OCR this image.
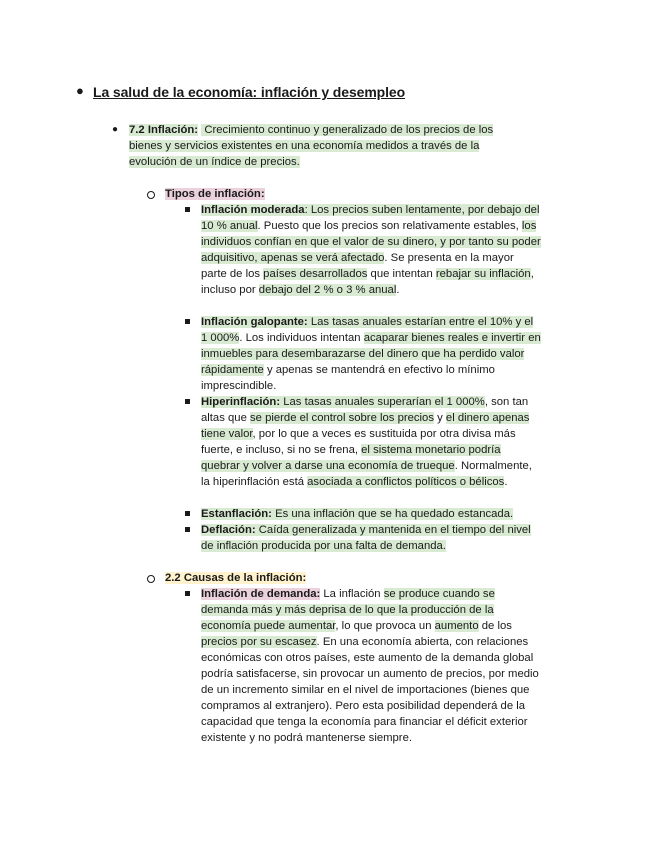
● La salud de la economía: inflación y desempleo
● 7.2 Inflación: Crecimiento continuo y generalizado de los precios de los bienes y servicios existentes en una economía medidos a través de la evolución de un índice de precios.
Tipos de inflación:
Inflación moderada: Los precios suben lentamente, por debajo del 10 % anual. Puesto que los precios son relativamente estables, los individuos confían en que el valor de su dinero, y por tanto su poder adquisitivo, apenas se verá afectado. Se presenta en la mayor parte de los países desarrollados que intentan rebajar su inflación, incluso por debajo del 2 % o 3 % anual.
Inflación galopante: Las tasas anuales estarían entre el 10% y el 1 000%. Los individuos intentan acaparar bienes reales e invertir en inmuebles para desembarazarse del dinero que ha perdido valor rápidamente y apenas se mantendrá en efectivo lo mínimo imprescindible.
Hiperinflación: Las tasas anuales superarían el 1 000%, son tan altas que se pierde el control sobre los precios y el dinero apenas tiene valor, por lo que a veces es sustituida por otra divisa más fuerte, e incluso, si no se frena, el sistema monetario podría quebrar y volver a darse una economía de trueque. Normalmente, la hiperinflación está asociada a conflictos políticos o bélicos.
Estanflación: Es una inflación que se ha quedado estancada.
Deflación: Caída generalizada y mantenida en el tiempo del nivel de inflación producida por una falta de demanda.
2.2 Causas de la inflación:
Inflación de demanda: La inflación se produce cuando se demanda más y más deprisa de lo que la producción de la economía puede aumentar, lo que provoca un aumento de los precios por su escasez. En una economía abierta, con relaciones económicas con otros países, este aumento de la demanda global podría satisfacerse, sin provocar un aumento de precios, por medio de un incremento similar en el nivel de importaciones (bienes que compramos al extranjero). Pero esta posibilidad dependerá de la capacidad que tenga la economía para financiar el déficit exterior existente y no podrá mantenerse siempre.
